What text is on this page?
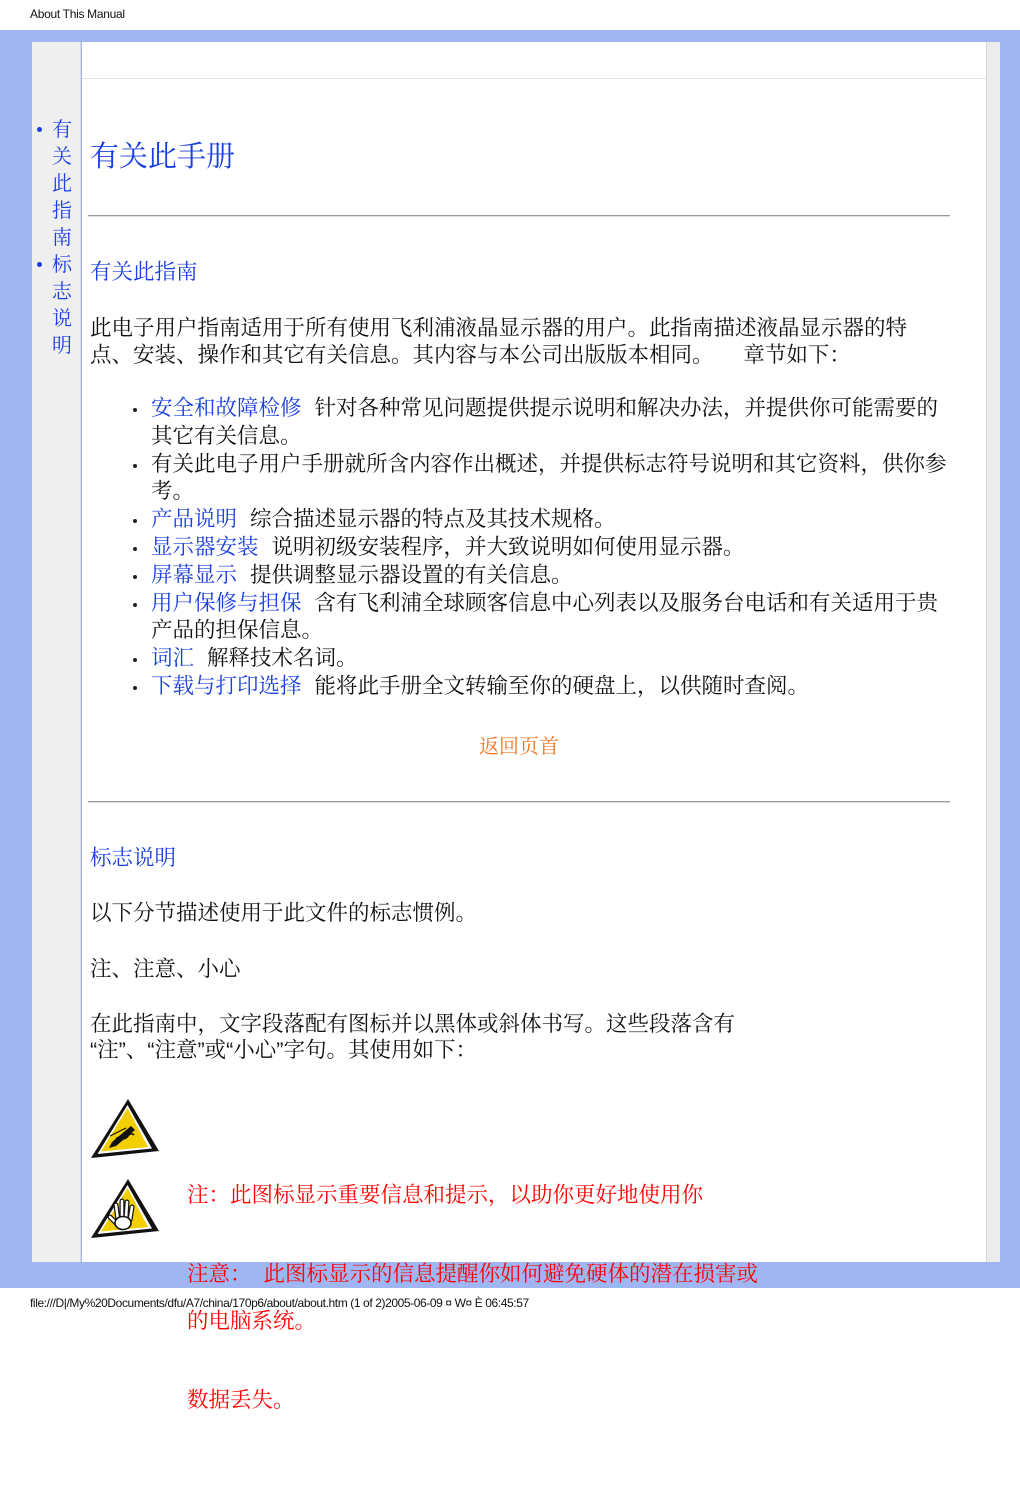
About This Manual
有关此指南
标志说明
有关此手册
有关此指南

此电子用户指南适用于所有使用飞利浦液晶显示器的用户。此指南描述液晶显示器的特点、安装、操作和其它有关信息。其内容与本公司出版版本相同。     章节如下：

安全和故障检修 针对各种常见问题提供提示说明和解决办法，并提供你可能需要的其它有关信息。
有关此电子用户手册就所含内容作出概述，并提供标志符号说明和其它资料，供你参考。
产品说明 综合描述显示器的特点及其技术规格。
显示器安装 说明初级安装程序，并大致说明如何使用显示器。
屏幕显示 提供调整显示器设置的有关信息。
用户保修与担保 含有飞利浦全球顾客信息中心列表以及服务台电话和有关适用于贵产品的担保信息。
词汇 解释技术名词。
下载与打印选择 能将此手册全文转输至你的硬盘上，以供随时查阅。
返回页首
标志说明

以下分节描述使用于此文件的标志惯例。

注、注意、小心

在此指南中，文字段落配有图标并以黑体或斜体书写。这些段落含有
“注”、“注意”或“小心”字句。其使用如下：

注：此图标显示重要信息和提示，以助你更好地使用你

的电脑系统。

注意：  此图标显示的信息提醒你如何避免硬体的潜在损害或

数据丢失。

file:///D|/My%20Documents/dfu/A7/china/170p6/about/about.htm (1 of 2)2005-06-09 ¤ W¤ È 06:45:57
